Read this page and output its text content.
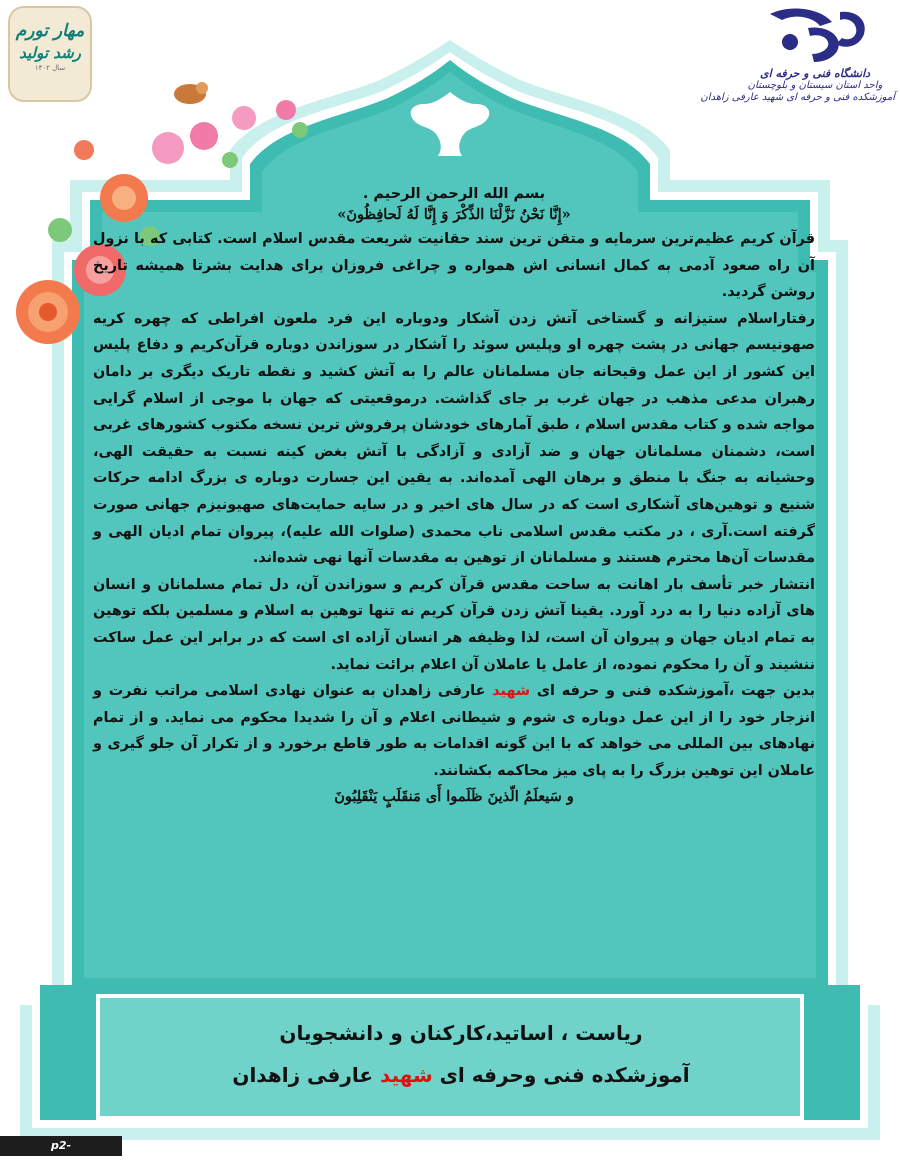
دانشگاه فنی و حرفه ای
واحد استان سیستان و بلوچستان
آموزشکده فنی و حرفه ای شهید عارفی زاهدان
مهار تورم
رشد تولید
سال ۱۴۰۲
بسم الله الرحمن الرحیم .
«إِنَّا نَحْنُ نَزَّلْنَا الذِّكْرَ وَ إِنَّا لَهُ لَحافِظُونَ»

قرآن کریم عظیم‌ترین سرمایه و متقن ترین سند حقانیت شریعت مقدس اسلام است. کتابی که با نزول آن راه صعود آدمی به کمال انسانی اش همواره و چراغی فروزان برای هدایت بشرتا همیشه تاریخ روشن گردید.

رفتاراسلام ستیزانه و گستاخی آتش زدن آشکار ودوباره این فرد ملعون افراطی که چهره کریه صهونیسم جهانی در پشت چهره او وپلیس سوئد را آشکار در سوزاندن دوباره قرآن‌کریم و دفاع پلیس این کشور از این عمل وقیحانه جان مسلمانان عالم را به آتش کشید و نقطه تاریک دیگری بر دامان رهبران مدعی مذهب در جهان غرب بر جای گذاشت. درموقعیتی که جهان با موجی از اسلام گرایی مواجه شده و کتاب مقدس اسلام ، طبق آمارهای خودشان پرفروش ترین نسخه مکتوب کشورهای غربی است، دشمنان مسلمانان جهان و ضد آزادی و آزادگی با آتش بغض کینه نسبت به حقیقت الهی، وحشیانه به جنگ با منطق و برهان الهی آمده‌اند. به یقین این جسارت دوباره ی بزرگ ادامه حرکات شنیع و توهین‌های آشکاری است که در سال های اخیر و در سایه حمایت‌های صهیونیزم جهانی صورت گرفته است.آری ، در مکتب مقدس اسلامی ناب محمدی (صلوات الله علیه)، پیروان تمام ادیان الهی و مقدسات آن‌ها محترم هستند و مسلمانان از توهین به مقدسات آنها نهی شده‌اند.

انتشار خبر تأسف بار اهانت به ساحت مقدس قرآن کریم و سوزاندن آن، دل تمام مسلمانان و انسان های آزاده دنیا را به درد آورد. یقینا آتش زدن قرآن کریم نه تنها توهین به اسلام و مسلمین بلکه توهین به تمام ادیان جهان و پیروان آن است، لذا وظیفه هر انسان آزاده ای است که در برابر این عمل ساکت ننشیند و آن را محکوم نموده، از عامل یا عاملان آن اعلام برائت نماید.

بدین جهت ،آموزشکده فنی و حرفه ای شهید عارفی زاهدان به عنوان نهادی اسلامی مراتب نفرت و انزجار خود را از این عمل دوباره ی شوم و شیطانی اعلام و آن را شدیدا محکوم می نماید. و از تمام نهادهای بین المللی می خواهد که با این گونه اقدامات به طور قاطع برخورد و از تکرار آن جلو گیری و عاملان این توهین بزرگ را به پای میز محاکمه بکشانند.

و سَیعلَمُ الّذینَ ظَلَموا أَی مَنقَلَبٍ یَنْقَلِبُونَ
ریاست ، اساتید،کارکنان و دانشجویان
آموزشکده فنی وحرفه ای شهید عارفی زاهدان
p2-zahedan.nus.ac.ir
